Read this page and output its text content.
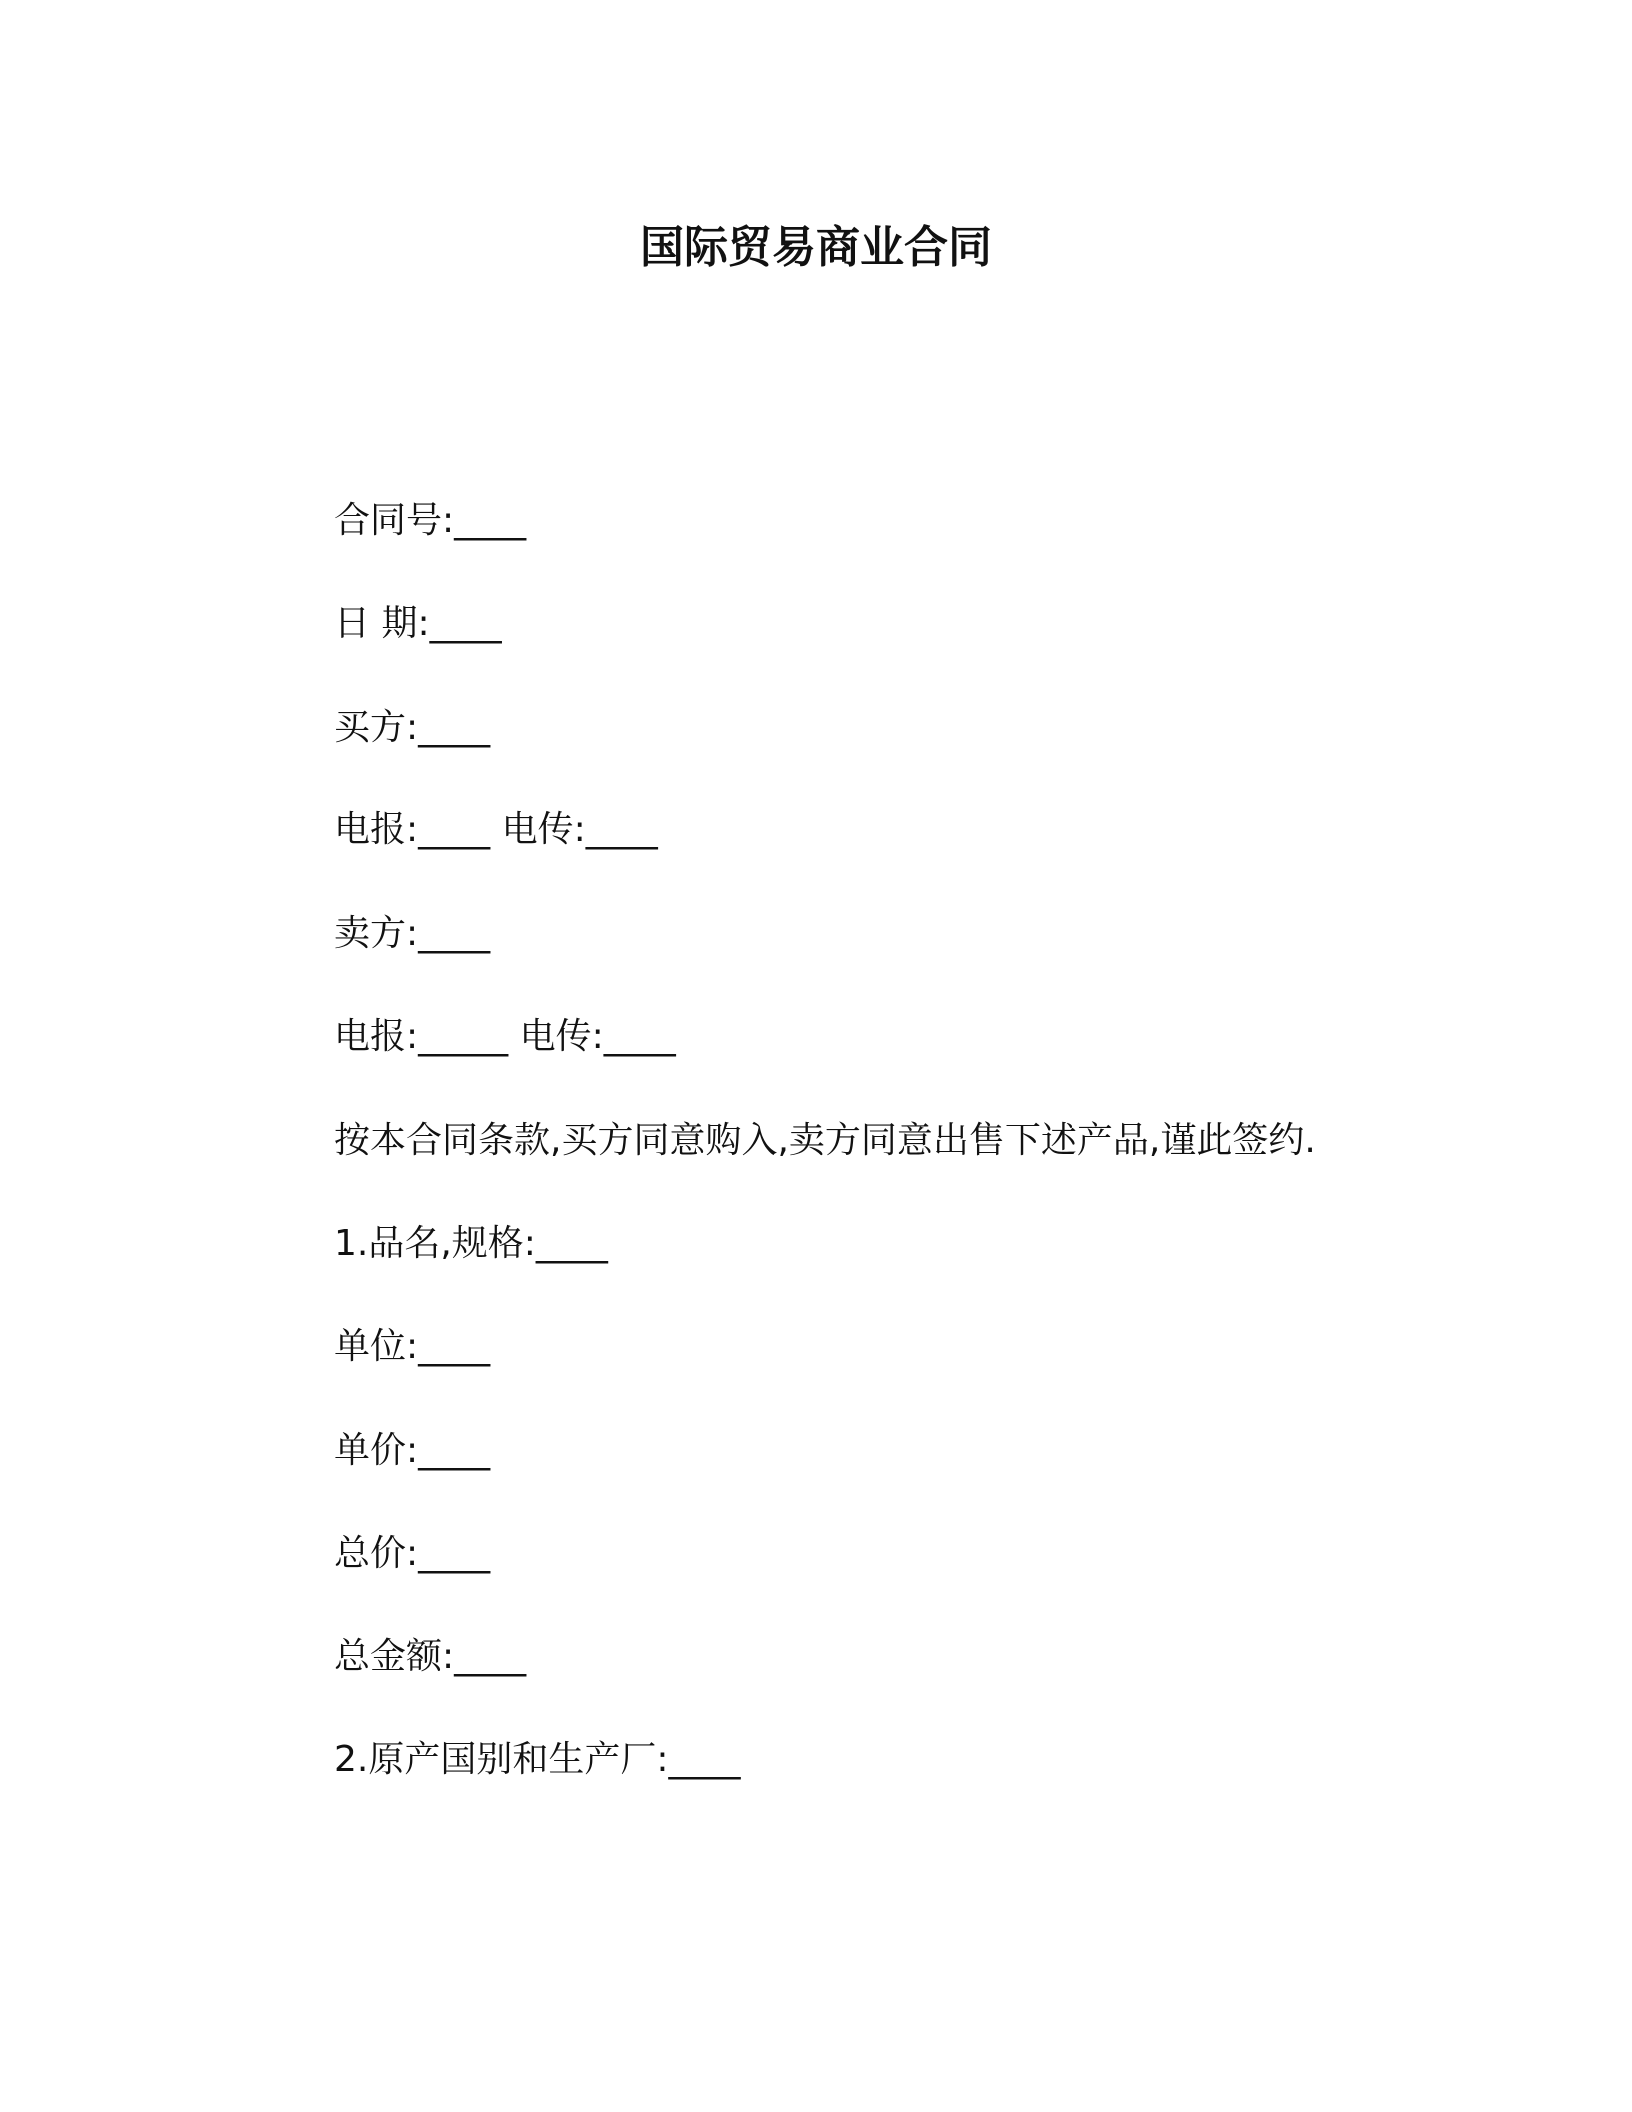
国际贸易商业合同
合同号:____
日 期:____
买方:____
电报:____ 电传:____
卖方:____
电报:_____ 电传:____
按本合同条款,买方同意购入,卖方同意出售下述产品,谨此签约.
1.品名,规格:____
单位:____
单价:____
总价:____
总金额:____
2.原产国别和生产厂:____
